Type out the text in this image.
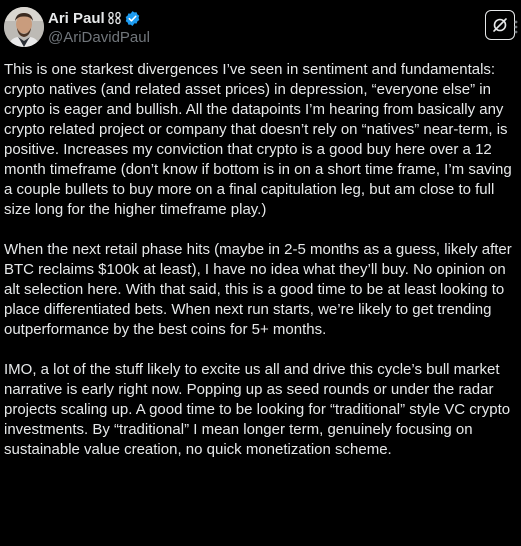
Ari Paul
@AriDavidPaul

This is one starkest divergences I’ve seen in sentiment and fundamentals: crypto natives (and related asset prices) in depression, “everyone else” in crypto is eager and bullish. All the datapoints I’m hearing from basically any crypto related project or company that doesn’t rely on “natives” near-term, is positive. Increases my conviction that crypto is a good buy here over a 12 month timeframe (don’t know if bottom is in on a short time frame, I’m saving a couple bullets to buy more on a final capitulation leg, but am close to full size long for the higher timeframe play.)

When the next retail phase hits (maybe in 2-5 months as a guess, likely after BTC reclaims $100k at least), I have no idea what they’ll buy. No opinion on alt selection here. With that said, this is a good time to be at least looking to place differentiated bets. When next run starts, we’re likely to get trending outperformance by the best coins for 5+ months.

IMO, a lot of the stuff likely to excite us all and drive this cycle’s bull market narrative is early right now. Popping up as seed rounds or under the radar projects scaling up. A good time to be looking for “traditional” style VC crypto investments. By “traditional” I mean longer term, genuinely focusing on sustainable value creation, no quick monetization scheme.
